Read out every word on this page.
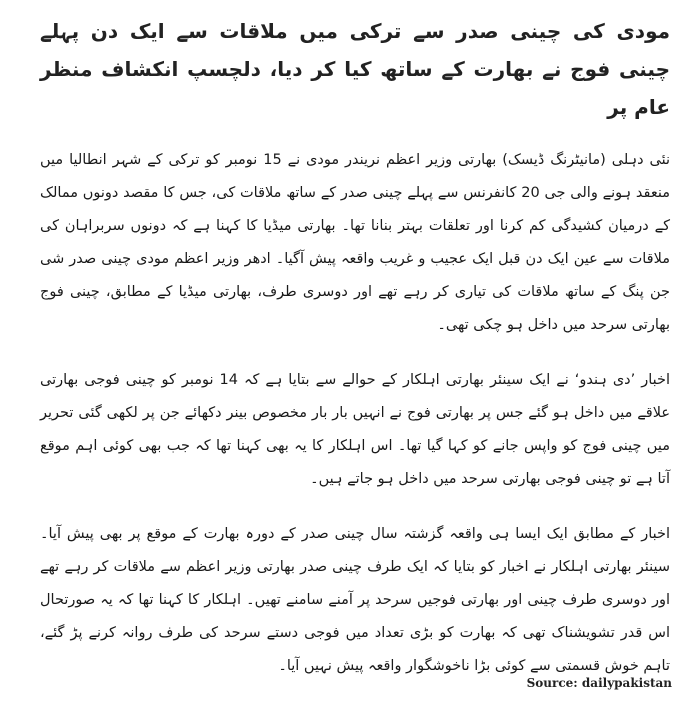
مودی کی چینی صدر سے ترکی میں ملاقات سے ایک دن پہلے چینی فوج نے بھارت کے ساتھ کیا کر دیا، دلچسپ انکشاف منظر عام پر

نئی دہلی (مانیٹرنگ ڈیسک) بھارتی وزیر اعظم نریندر مودی نے 15 نومبر کو ترکی کے شہر انطالیا میں منعقد ہونے والی جی 20 کانفرنس سے پہلے چینی صدر کے ساتھ ملاقات کی، جس کا مقصد دونوں ممالک کے درمیان کشیدگی کم کرنا اور تعلقات بہتر بنانا تھا۔ بھارتی میڈیا کا کہنا ہے کہ دونوں سربراہان کی ملاقات سے عین ایک دن قبل ایک عجیب و غریب واقعہ پیش آگیا۔ ادھر وزیر اعظم مودی چینی صدر شی جن پنگ کے ساتھ ملاقات کی تیاری کر رہے تھے اور دوسری طرف، بھارتی میڈیا کے مطابق، چینی فوج بھارتی سرحد میں داخل ہو چکی تھی۔

اخبار ’دی ہندو‘ نے ایک سینئر بھارتی اہلکار کے حوالے سے بتایا ہے کہ 14 نومبر کو چینی فوجی بھارتی علاقے میں داخل ہو گئے جس پر بھارتی فوج نے انہیں بار بار مخصوص بینر دکھائے جن پر لکھی گئی تحریر میں چینی فوج کو واپس جانے کو کہا گیا تھا۔ اس اہلکار کا یہ بھی کہنا تھا کہ جب بھی کوئی اہم موقع آتا ہے تو چینی فوجی بھارتی سرحد میں داخل ہو جاتے ہیں۔

اخبار کے مطابق ایک ایسا ہی واقعہ گزشتہ سال چینی صدر کے دورہ بھارت کے موقع پر بھی پیش آیا۔ سینئر بھارتی اہلکار نے اخبار کو بتایا کہ ایک طرف چینی صدر بھارتی وزیر اعظم سے ملاقات کر رہے تھے اور دوسری طرف چینی اور بھارتی فوجیں سرحد پر آمنے سامنے تھیں۔ اہلکار کا کہنا تھا کہ یہ صورتحال اس قدر تشویشناک تھی کہ بھارت کو بڑی تعداد میں فوجی دستے سرحد کی طرف روانہ کرنے پڑ گئے، تاہم خوش قسمتی سے کوئی بڑا ناخوشگوار واقعہ پیش نہیں آیا۔

Source: dailypakistan
